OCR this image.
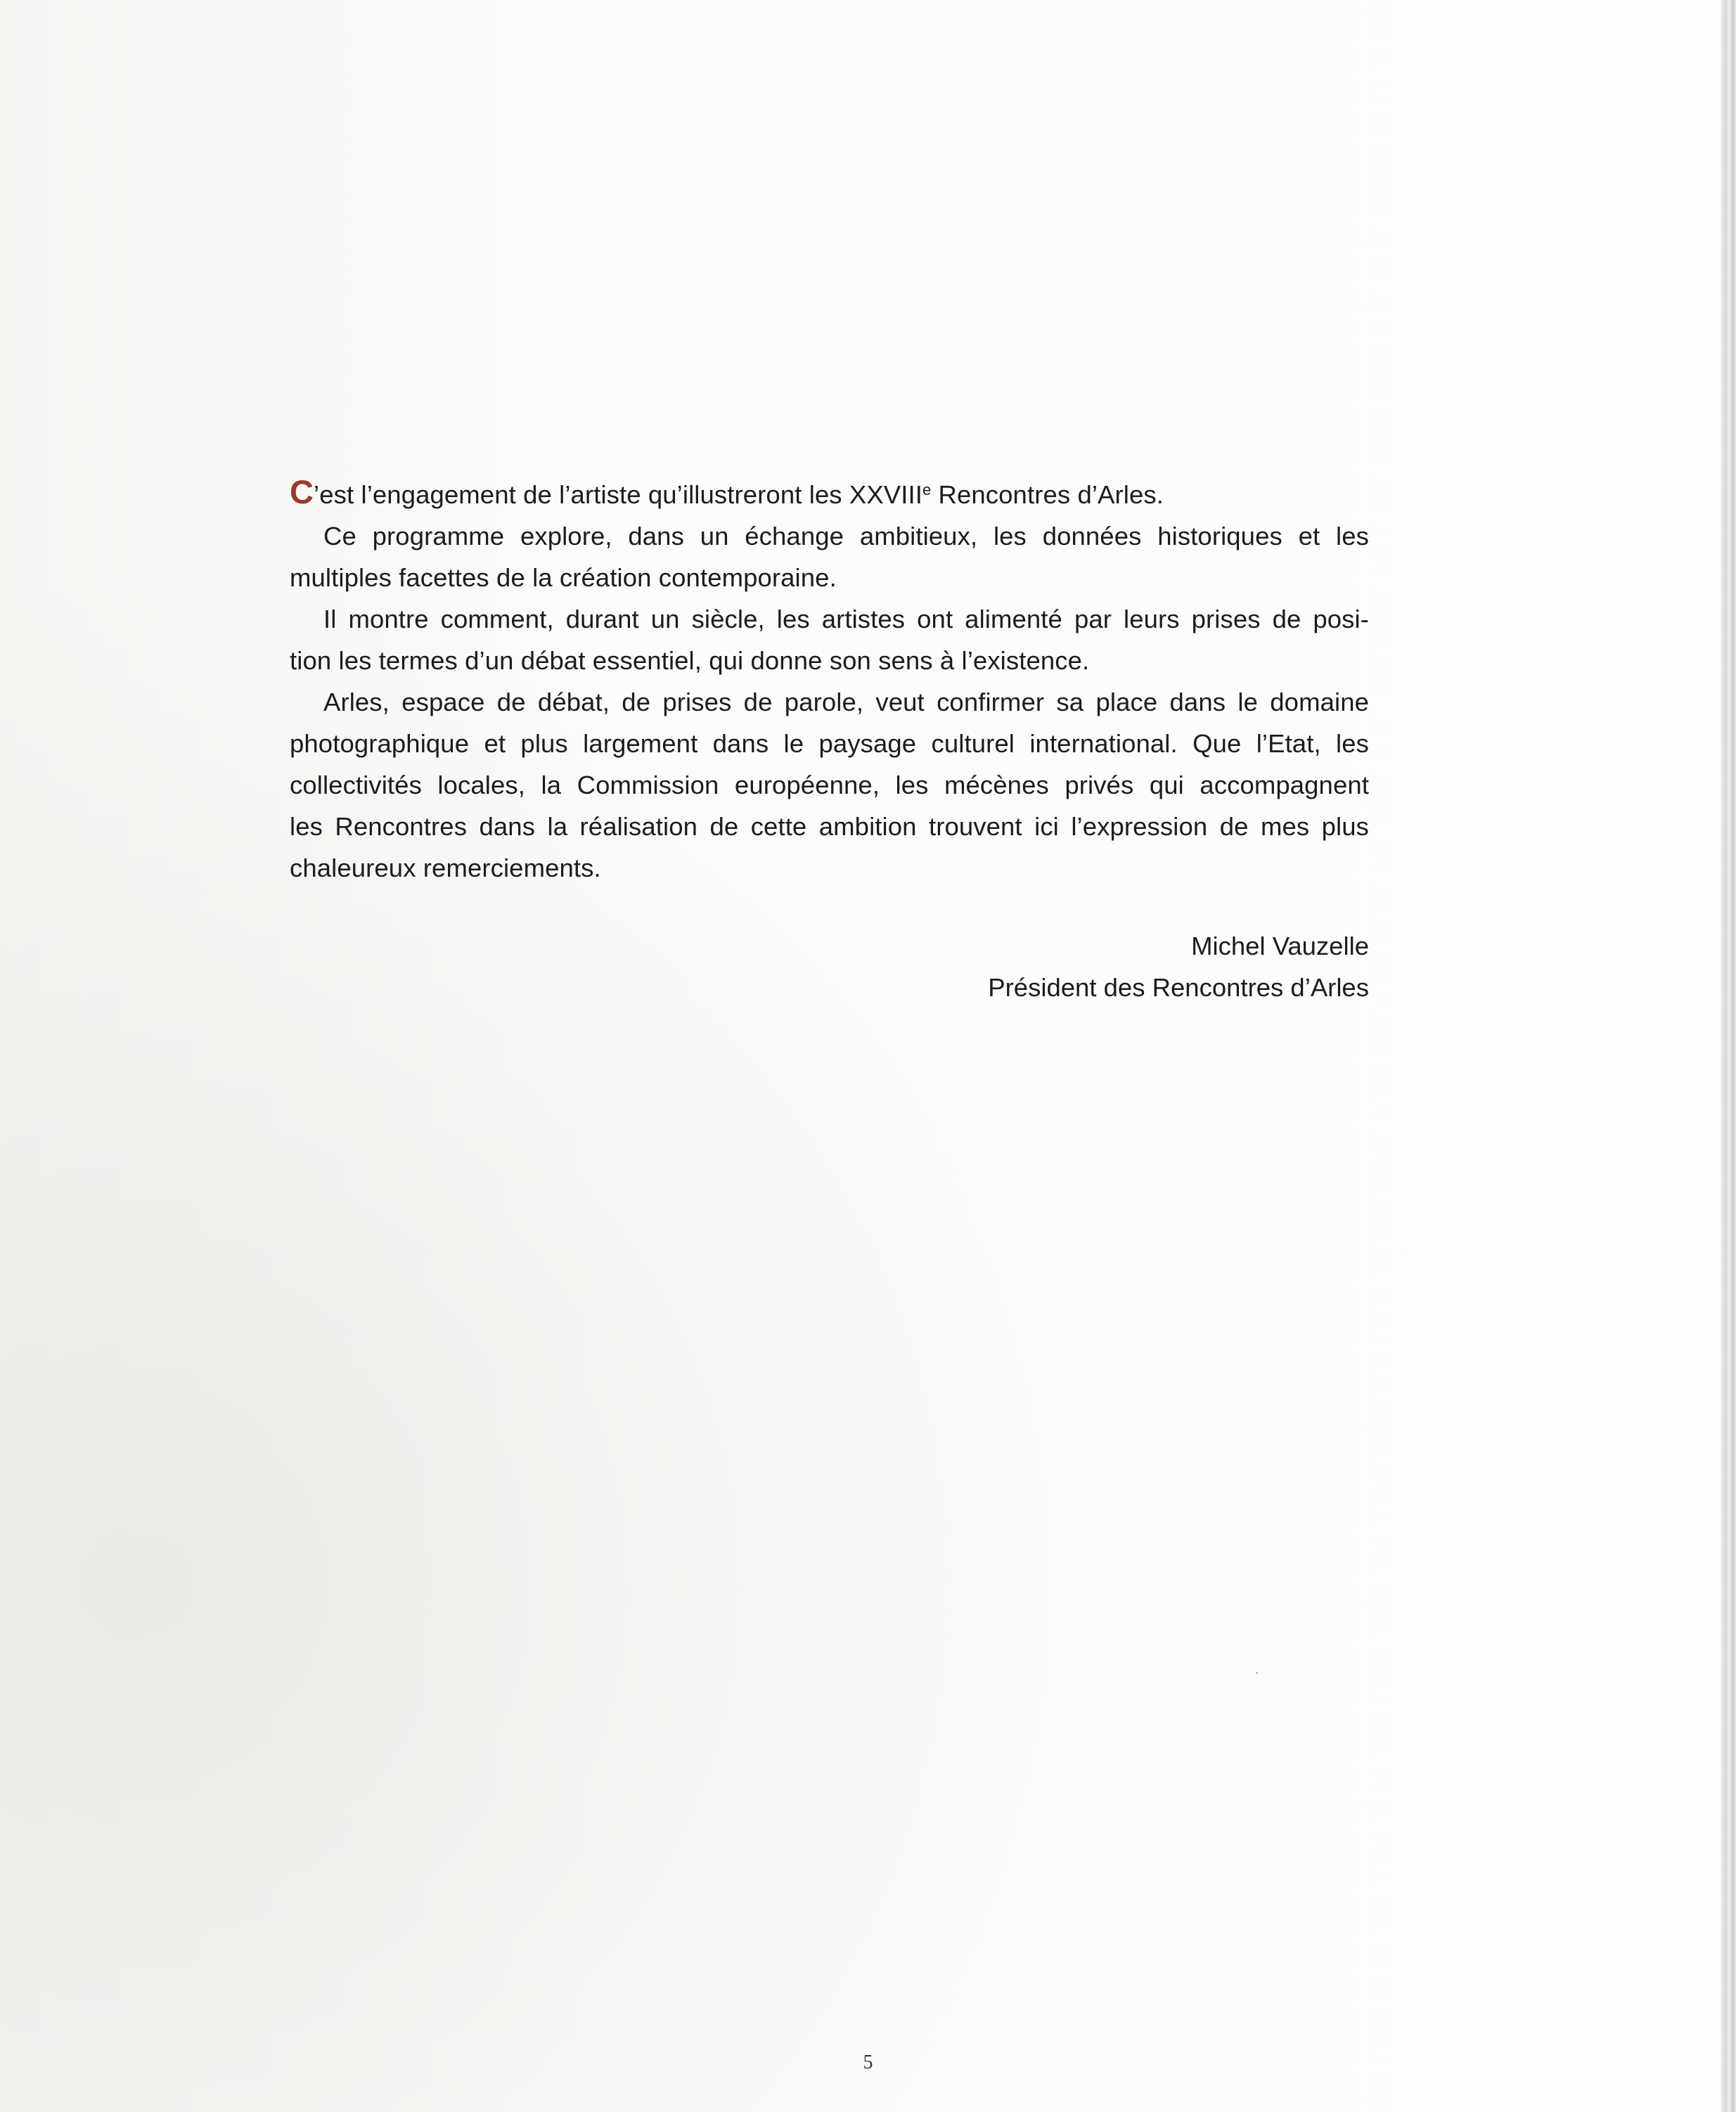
C’est l’engagement de l’artiste qu’illustreront les XXVIIIe Rencontres d’Arles.
Ce programme explore, dans un échange ambitieux, les données historiques et les
multiples facettes de la création contemporaine.
Il montre comment, durant un siècle, les artistes ont alimenté par leurs prises de posi-
tion les termes d’un débat essentiel, qui donne son sens à l’existence.
Arles, espace de débat, de prises de parole, veut confirmer sa place dans le domaine
photographique et plus largement dans le paysage culturel international. Que l’Etat, les
collectivités locales, la Commission européenne, les mécènes privés qui accompagnent
les Rencontres dans la réalisation de cette ambition trouvent ici l’expression de mes plus
chaleureux remerciements.
Michel Vauzelle
Président des Rencontres d’Arles
5
